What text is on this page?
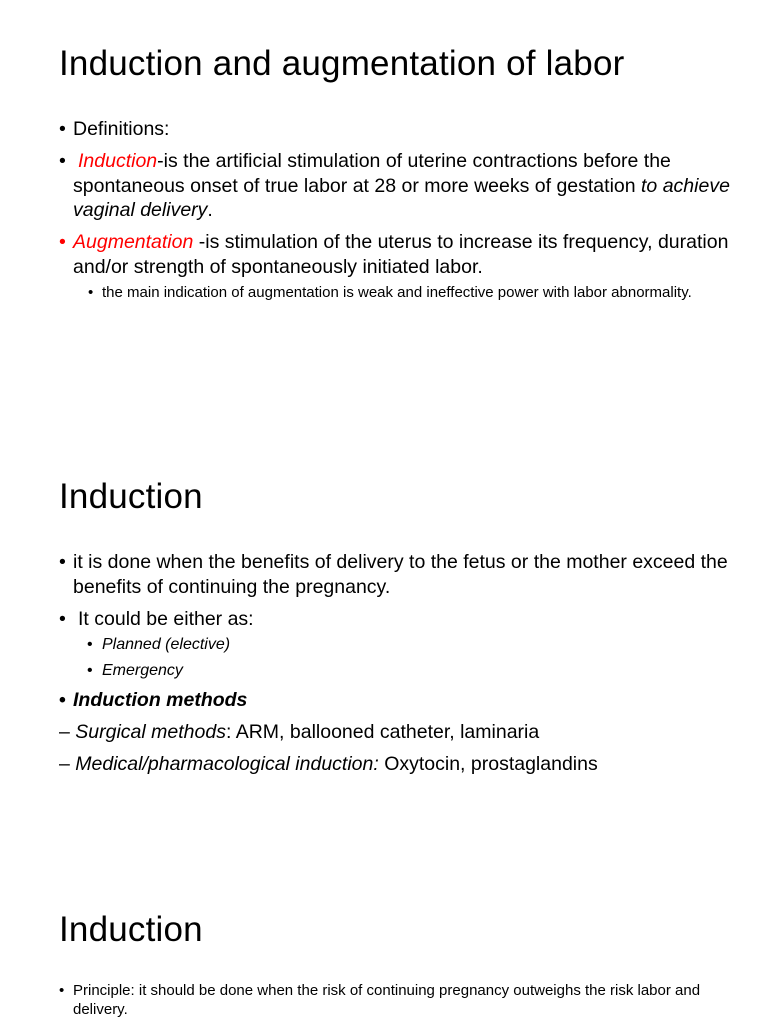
Induction and augmentation of labor
• Definitions:
• Induction-is the artificial stimulation of uterine contractions before the spontaneous onset of true labor at 28 or more weeks of gestation to achieve vaginal delivery.
• Augmentation -is stimulation of the uterus to increase its frequency, duration and/or strength of spontaneously initiated labor.
• the main indication of augmentation is weak and ineffective power with labor abnormality.
Induction
• it is done when the benefits of delivery to the fetus or the mother exceed the benefits of continuing the pregnancy.
• It could be either as:
• Planned (elective)
• Emergency
• Induction methods
– Surgical methods: ARM, ballooned catheter, laminaria
– Medical/pharmacological induction: Oxytocin, prostaglandins
Induction
• Principle: it should be done when the risk of continuing pregnancy outweighs the risk labor and delivery.
